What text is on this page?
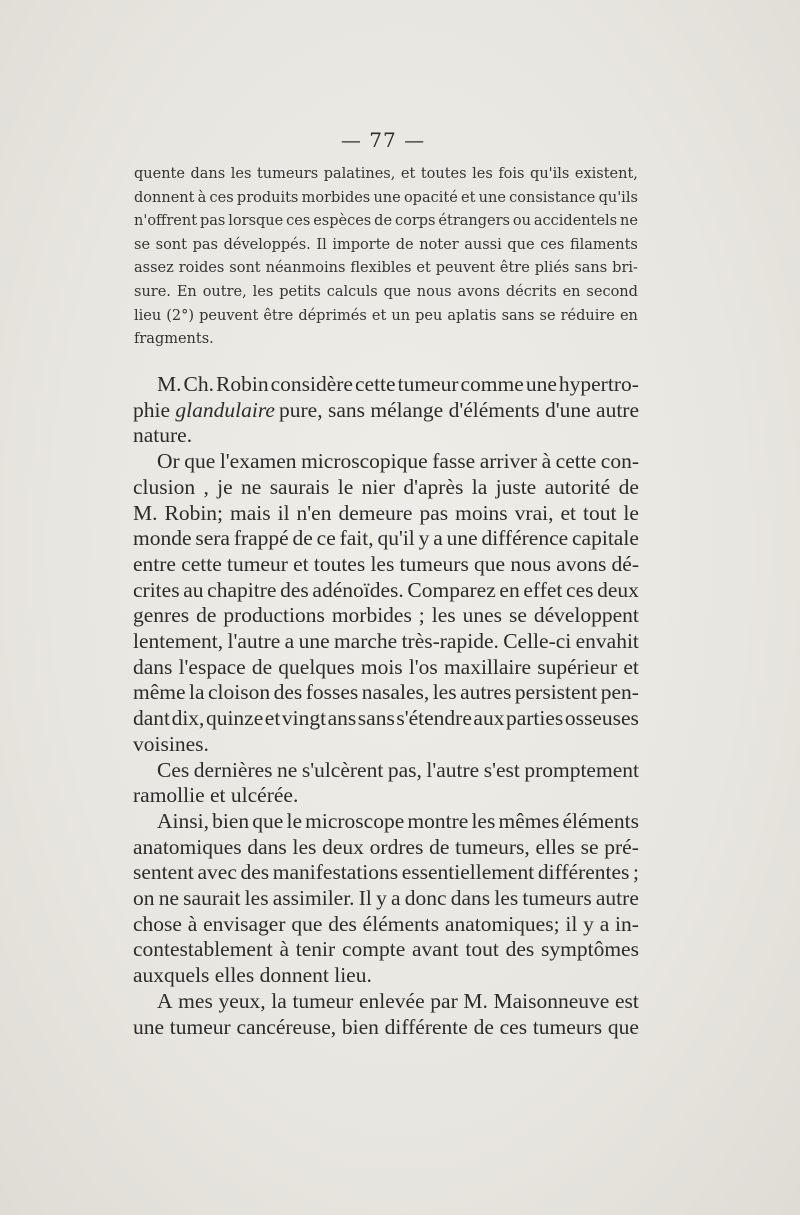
— 77 —
quente dans les tumeurs palatines, et toutes les fois qu'ils existent,
donnent à ces produits morbides une opacité et une consistance qu'ils
n'offrent pas lorsque ces espèces de corps étrangers ou accidentels ne
se sont pas développés. Il importe de noter aussi que ces filaments
assez roides sont néanmoins flexibles et peuvent être pliés sans bri-
sure. En outre, les petits calculs que nous avons décrits en second
lieu (2°) peuvent être déprimés et un peu aplatis sans se réduire en
fragments.
M. Ch. Robin considère cette tumeur comme une hypertro-
phie glandulaire pure, sans mélange d'éléments d'une autre
nature.
Or que l'examen microscopique fasse arriver à cette con-
clusion , je ne saurais le nier d'après la juste autorité de
M. Robin; mais il n'en demeure pas moins vrai, et tout le
monde sera frappé de ce fait, qu'il y a une différence capitale
entre cette tumeur et toutes les tumeurs que nous avons dé-
crites au chapitre des adénoïdes. Comparez en effet ces deux
genres de productions morbides ; les unes se développent
lentement, l'autre a une marche très-rapide. Celle-ci envahit
dans l'espace de quelques mois l'os maxillaire supérieur et
même la cloison des fosses nasales, les autres persistent pen-
dant dix, quinze et vingt ans sans s'étendre aux parties osseuses
voisines.
Ces dernières ne s'ulcèrent pas, l'autre s'est promptement
ramollie et ulcérée.
Ainsi, bien que le microscope montre les mêmes éléments
anatomiques dans les deux ordres de tumeurs, elles se pré-
sentent avec des manifestations essentiellement différentes ;
on ne saurait les assimiler. Il y a donc dans les tumeurs autre
chose à envisager que des éléments anatomiques; il y a in-
contestablement à tenir compte avant tout des symptômes
auxquels elles donnent lieu.
A mes yeux, la tumeur enlevée par M. Maisonneuve est
une tumeur cancéreuse, bien différente de ces tumeurs que
